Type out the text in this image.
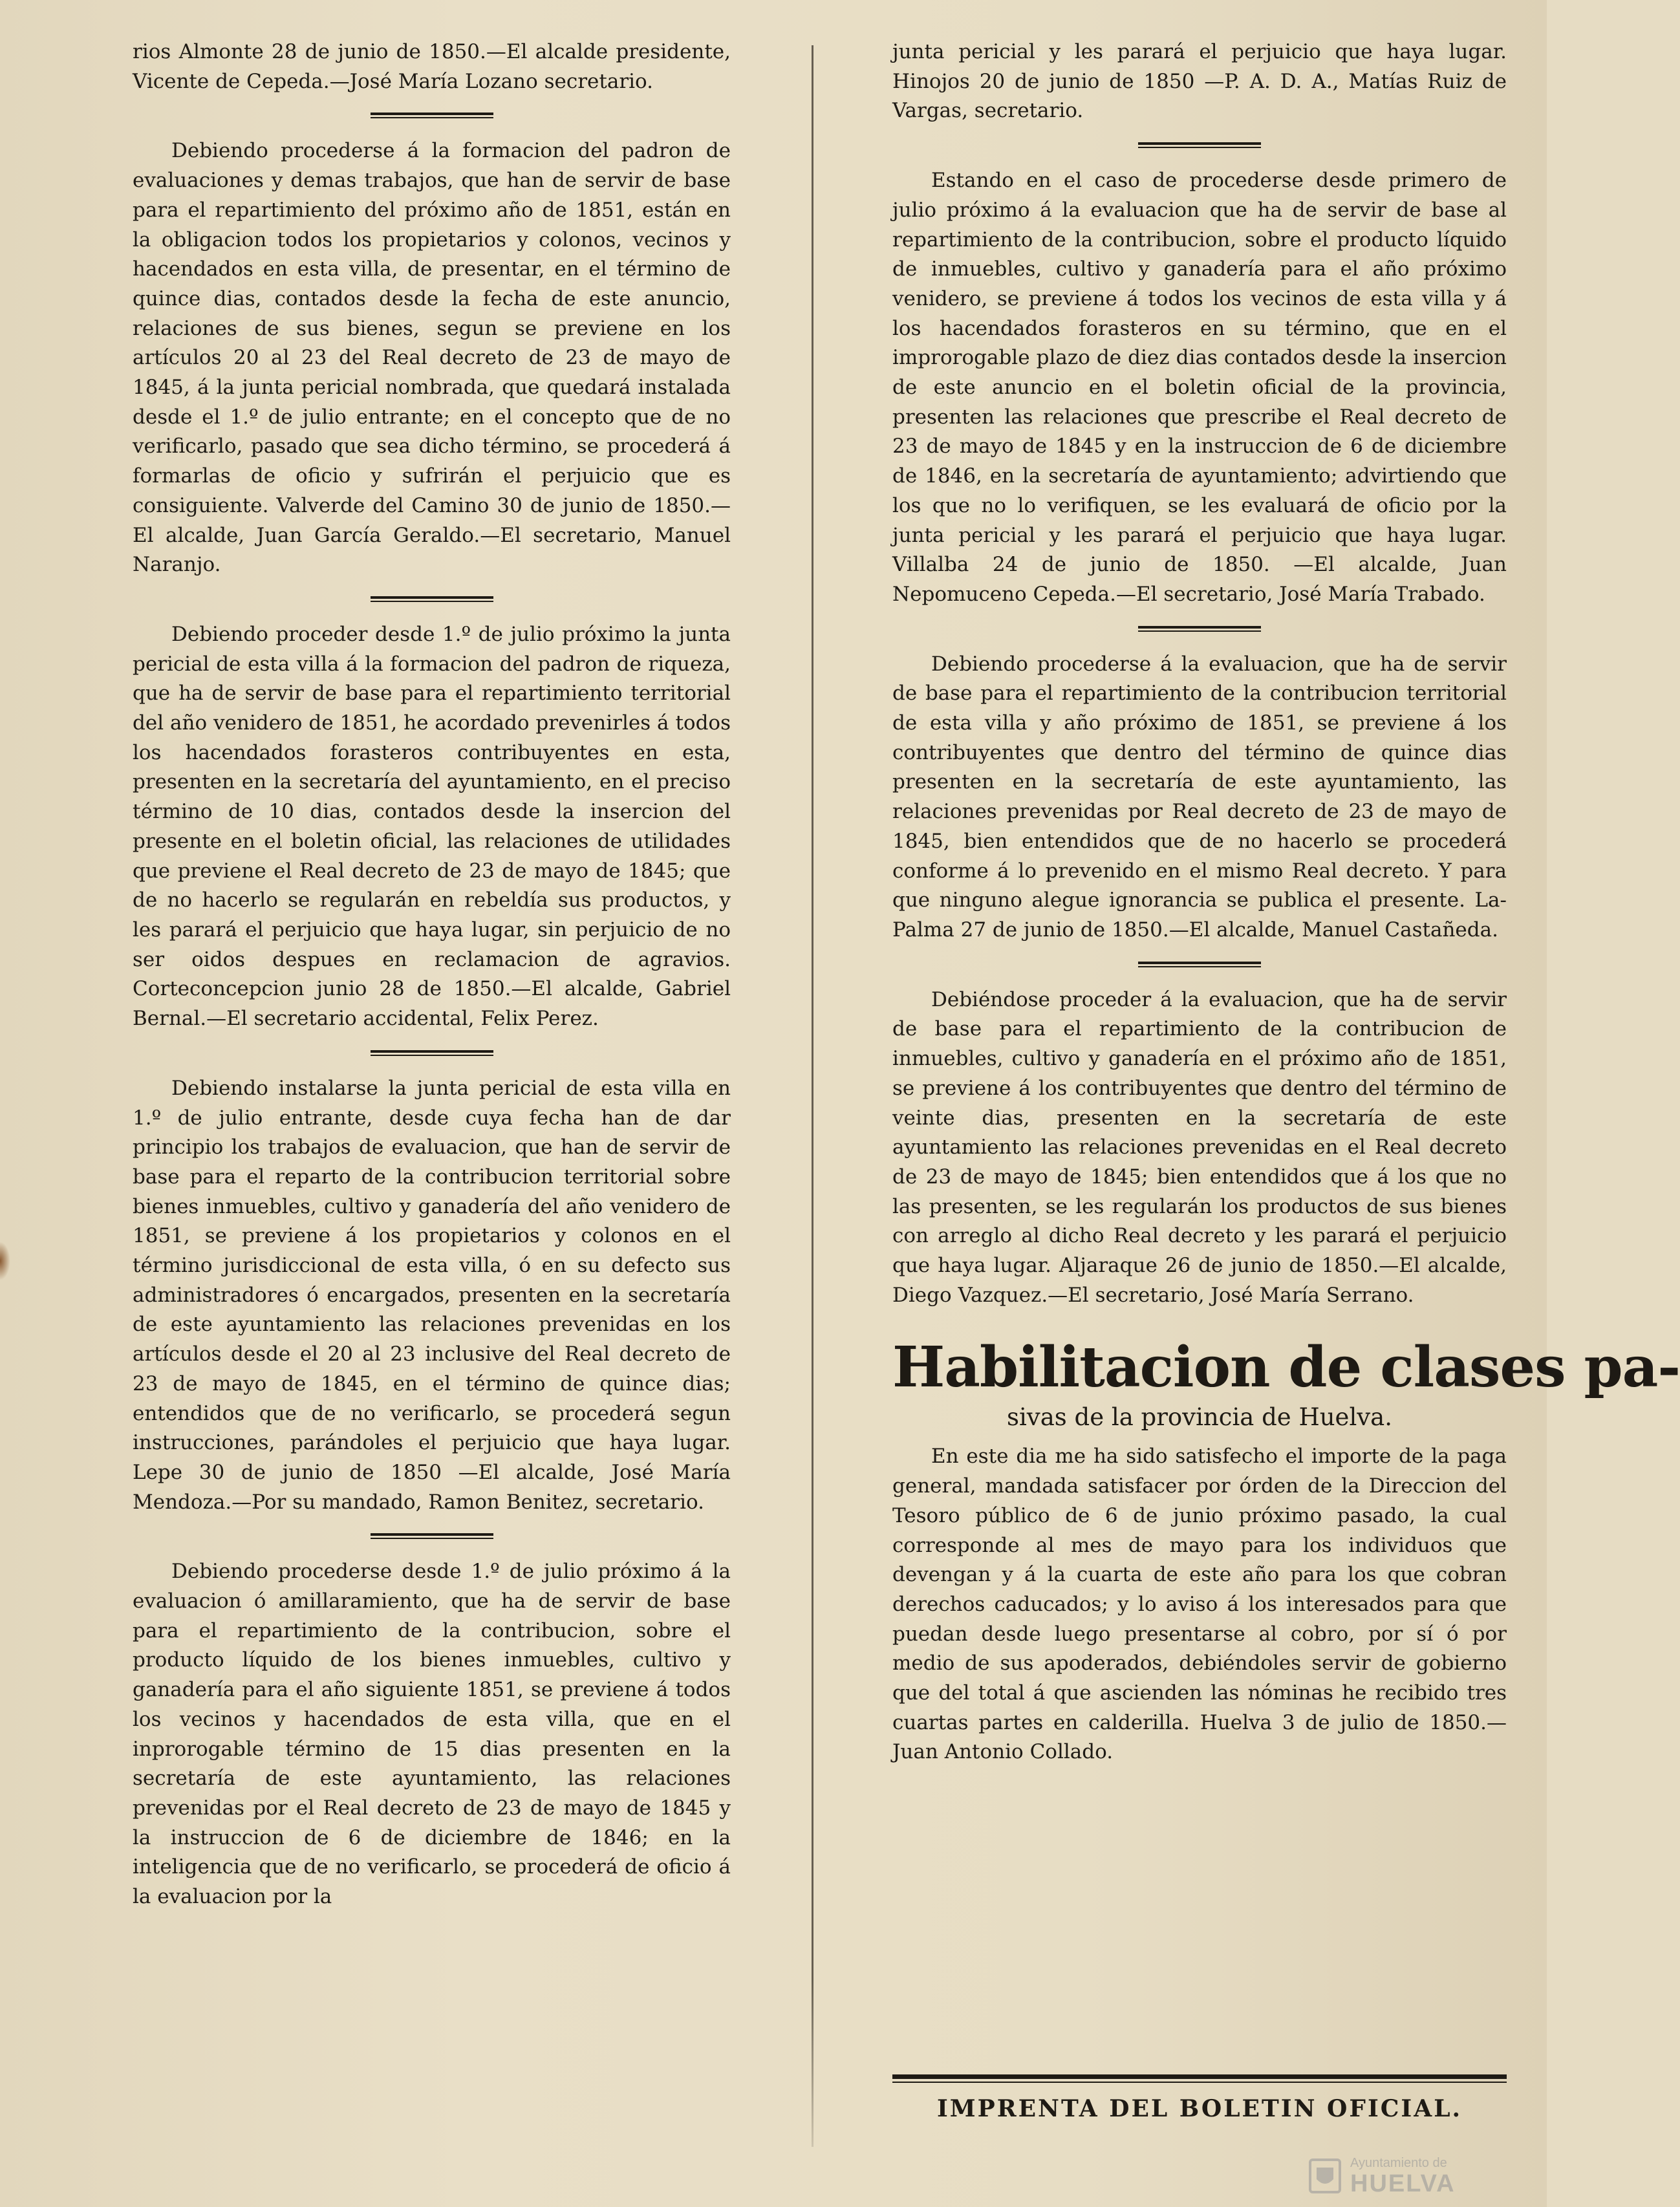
rios Almonte 28 de junio de 1850.—El alcalde presidente, Vicente de Cepeda.—José María Lozano secretario.

Debiendo procederse á la formacion del padron de evaluaciones y demas trabajos, que han de servir de base para el repartimiento del próximo año de 1851, están en la obligacion todos los propietarios y colonos, vecinos y hacendados en esta villa, de presentar, en el término de quince dias, contados desde la fecha de este anuncio, relaciones de sus bienes, segun se previene en los artículos 20 al 23 del Real decreto de 23 de mayo de 1845, á la junta pericial nombrada, que quedará instalada desde el 1.º de julio entrante; en el concepto que de no verificarlo, pasado que sea dicho término, se procederá á formarlas de oficio y sufrirán el perjuicio que es consiguiente. Valverde del Camino 30 de junio de 1850.—El alcalde, Juan García Geraldo.—El secretario, Manuel Naranjo.

Debiendo proceder desde 1.º de julio próximo la junta pericial de esta villa á la formacion del padron de riqueza, que ha de servir de base para el repartimiento territorial del año venidero de 1851, he acordado prevenirles á todos los hacendados forasteros contribuyentes en esta, presenten en la secretaría del ayuntamiento, en el preciso término de 10 dias, contados desde la insercion del presente en el boletin oficial, las relaciones de utilidades que previene el Real decreto de 23 de mayo de 1845; que de no hacerlo se regularán en rebeldía sus productos, y les parará el perjuicio que haya lugar, sin perjuicio de no ser oidos despues en reclamacion de agravios. Corteconcepcion junio 28 de 1850.—El alcalde, Gabriel Bernal.—El secretario accidental, Felix Perez.

Debiendo instalarse la junta pericial de esta villa en 1.º de julio entrante, desde cuya fecha han de dar principio los trabajos de evaluacion, que han de servir de base para el reparto de la contribucion territorial sobre bienes inmuebles, cultivo y ganadería del año venidero de 1851, se previene á los propietarios y colonos en el término jurisdiccional de esta villa, ó en su defecto sus administradores ó encargados, presenten en la secretaría de este ayuntamiento las relaciones prevenidas en los artículos desde el 20 al 23 inclusive del Real decreto de 23 de mayo de 1845, en el término de quince dias; entendidos que de no verificarlo, se procederá segun instrucciones, parándoles el perjuicio que haya lugar. Lepe 30 de junio de 1850 —El alcalde, José María Mendoza.—Por su mandado, Ramon Benitez, secretario.

Debiendo procederse desde 1.º de julio próximo á la evaluacion ó amillaramiento, que ha de servir de base para el repartimiento de la contribucion, sobre el producto líquido de los bienes inmuebles, cultivo y ganadería para el año siguiente 1851, se previene á todos los vecinos y hacendados de esta villa, que en el inprorogable término de 15 dias presenten en la secretaría de este ayuntamiento, las relaciones prevenidas por el Real decreto de 23 de mayo de 1845 y la instruccion de 6 de diciembre de 1846; en la inteligencia que de no verificarlo, se procederá de oficio á la evaluacion por la

junta pericial y les parará el perjuicio que haya lugar. Hinojos 20 de junio de 1850 —P. A. D. A., Matías Ruiz de Vargas, secretario.

Estando en el caso de procederse desde primero de julio próximo á la evaluacion que ha de servir de base al repartimiento de la contribucion, sobre el producto líquido de inmuebles, cultivo y ganadería para el año próximo venidero, se previene á todos los vecinos de esta villa y á los hacendados forasteros en su término, que en el improrogable plazo de diez dias contados desde la insercion de este anuncio en el boletin oficial de la provincia, presenten las relaciones que prescribe el Real decreto de 23 de mayo de 1845 y en la instruccion de 6 de diciembre de 1846, en la secretaría de ayuntamiento; advirtiendo que los que no lo verifiquen, se les evaluará de oficio por la junta pericial y les parará el perjuicio que haya lugar. Villalba 24 de junio de 1850. —El alcalde, Juan Nepomuceno Cepeda.—El secretario, José María Trabado.

Debiendo procederse á la evaluacion, que ha de servir de base para el repartimiento de la contribucion territorial de esta villa y año próximo de 1851, se previene á los contribuyentes que dentro del término de quince dias presenten en la secretaría de este ayuntamiento, las relaciones prevenidas por Real decreto de 23 de mayo de 1845, bien entendidos que de no hacerlo se procederá conforme á lo prevenido en el mismo Real decreto. Y para que ninguno alegue ignorancia se publica el presente. La-Palma 27 de junio de 1850.—El alcalde, Manuel Castañeda.

Debiéndose proceder á la evaluacion, que ha de servir de base para el repartimiento de la contribucion de inmuebles, cultivo y ganadería en el próximo año de 1851, se previene á los contribuyentes que dentro del término de veinte dias, presenten en la secretaría de este ayuntamiento las relaciones prevenidas en el Real decreto de 23 de mayo de 1845; bien entendidos que á los que no las presenten, se les regularán los productos de sus bienes con arreglo al dicho Real decreto y les parará el perjuicio que haya lugar. Aljaraque 26 de junio de 1850.—El alcalde, Diego Vazquez.—El secretario, José María Serrano.

Habilitacion de clases pa-
sivas de la provincia de Huelva.

En este dia me ha sido satisfecho el importe de la paga general, mandada satisfacer por órden de la Direccion del Tesoro público de 6 de junio próximo pasado, la cual corresponde al mes de mayo para los individuos que devengan y á la cuarta de este año para los que cobran derechos caducados; y lo aviso á los interesados para que puedan desde luego presentarse al cobro, por sí ó por medio de sus apoderados, debiéndoles servir de gobierno que del total á que ascienden las nóminas he recibido tres cuartas partes en calderilla. Huelva 3 de julio de 1850.—Juan Antonio Collado.

IMPRENTA DEL BOLETIN OFICIAL.
Ayuntamiento de
HUELVA
